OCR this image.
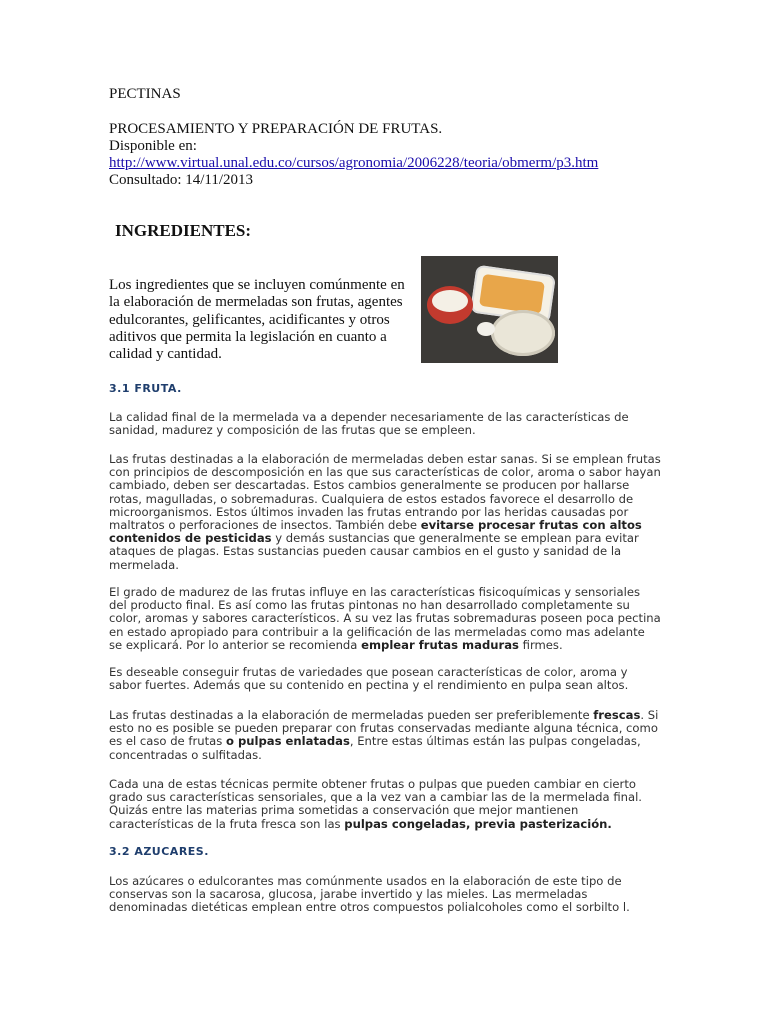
PECTINAS
PROCESAMIENTO Y PREPARACIÓN DE FRUTAS.
Disponible en:
http://www.virtual.unal.edu.co/cursos/agronomia/2006228/teoria/obmerm/p3.htm
Consultado: 14/11/2013
INGREDIENTES:

Los ingredientes que se incluyen comúnmente en la elaboración de mermeladas son frutas, agentes edulcorantes, gelificantes, acidificantes y otros aditivos que permita la legislación en cuanto a calidad y cantidad.

3.1 FRUTA.

La calidad final de la mermelada va a depender necesariamente de las características de sanidad, madurez y composición de las frutas que se empleen.

Las frutas destinadas a la elaboración de mermeladas deben estar sanas. Si se emplean frutas con principios de descomposición en las que sus características de color, aroma o sabor hayan cambiado, deben ser descartadas. Estos cambios generalmente se producen por hallarse rotas, magulladas, o sobremaduras. Cualquiera de estos estados favorece el desarrollo de microorganismos. Estos últimos invaden las frutas entrando por las heridas causadas por maltratos o perforaciones de insectos. También debe evitarse procesar frutas con altos contenidos de pesticidas y demás sustancias que generalmente se emplean para evitar ataques de plagas. Estas sustancias pueden causar cambios en el gusto y sanidad de la mermelada.

El grado de madurez de las frutas influye en las características fisicoquímicas y sensoriales del producto final. Es así como las frutas pintonas no han desarrollado completamente su color, aromas y sabores característicos. A su vez las frutas sobremaduras poseen poca pectina en estado apropiado para contribuir a la gelificación de las mermeladas como mas adelante se explicará. Por lo anterior se recomienda emplear frutas maduras firmes.

Es deseable conseguir frutas de variedades que posean características de color, aroma y sabor fuertes. Además que su contenido en pectina y el rendimiento en pulpa sean altos.

Las frutas destinadas a la elaboración de mermeladas pueden ser preferiblemente frescas. Si esto no es posible se pueden preparar con frutas conservadas mediante alguna técnica, como es el caso de frutas o pulpas enlatadas, Entre estas últimas están las pulpas congeladas, concentradas o sulfitadas.

Cada una de estas técnicas permite obtener frutas o pulpas que pueden cambiar en cierto grado sus características sensoriales, que a la vez van a cambiar las de la mermelada final. Quizás entre las materias prima sometidas a conservación que mejor mantienen características de la fruta fresca son las pulpas congeladas, previa pasterización.

3.2 AZUCARES.

Los azúcares o edulcorantes mas comúnmente usados en la elaboración de este tipo de conservas son la sacarosa, glucosa, jarabe invertido y las mieles. Las mermeladas denominadas dietéticas emplean entre otros compuestos polialcoholes como el sorbilto l.
